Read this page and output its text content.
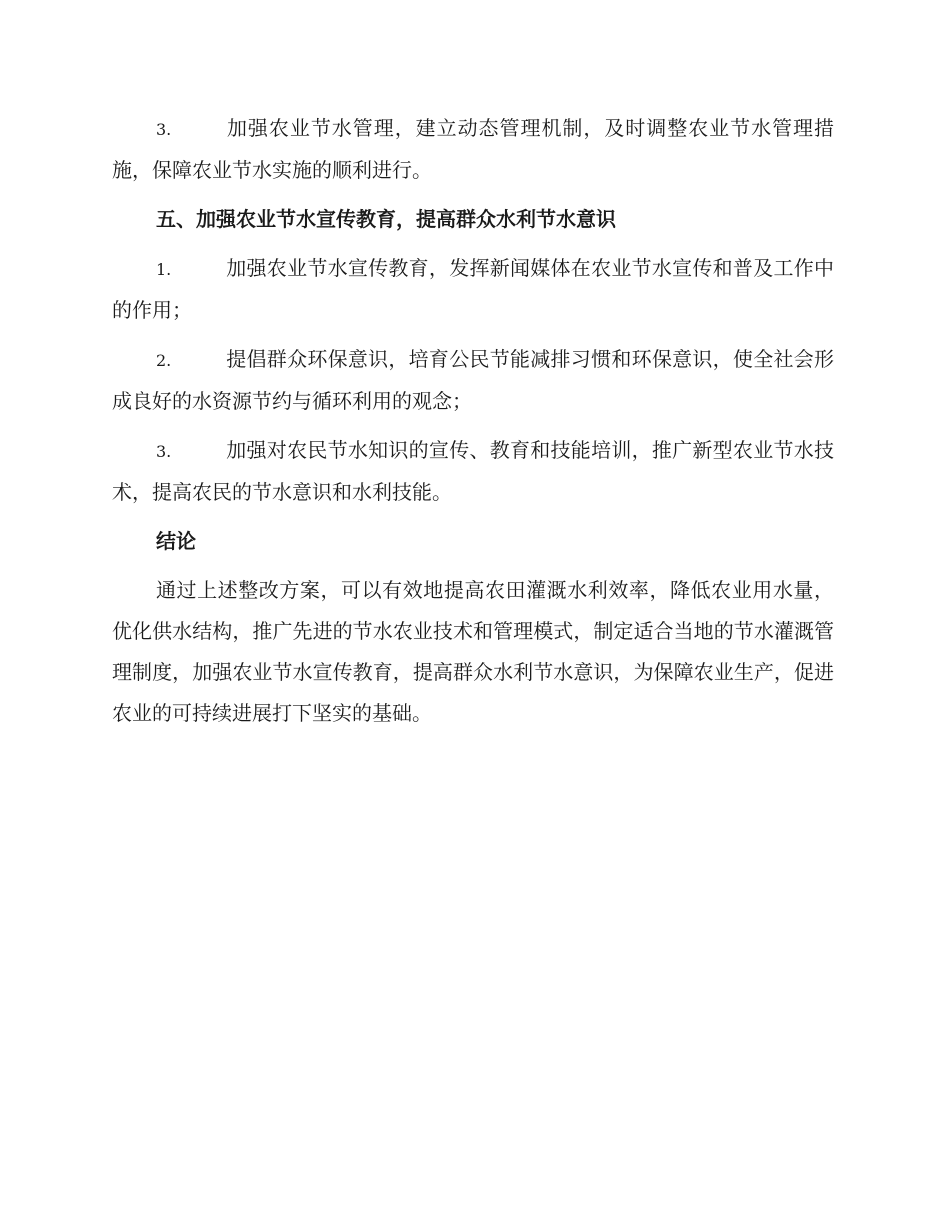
3.	加强农业节水管理，建立动态管理机制，及时调整农业节水管理措施，保障农业节水实施的顺利进行。

五、加强农业节水宣传教育，提高群众水利节水意识

1.	加强农业节水宣传教育，发挥新闻媒体在农业节水宣传和普及工作中的作用；

2.	提倡群众环保意识，培育公民节能减排习惯和环保意识，使全社会形成良好的水资源节约与循环利用的观念；

3.	加强对农民节水知识的宣传、教育和技能培训，推广新型农业节水技术，提高农民的节水意识和水利技能。

结论

通过上述整改方案，可以有效地提高农田灌溉水利效率，降低农业用水量，优化供水结构，推广先进的节水农业技术和管理模式，制定适合当地的节水灌溉管理制度，加强农业节水宣传教育，提高群众水利节水意识，为保障农业生产，促进农业的可持续进展打下坚实的基础。
